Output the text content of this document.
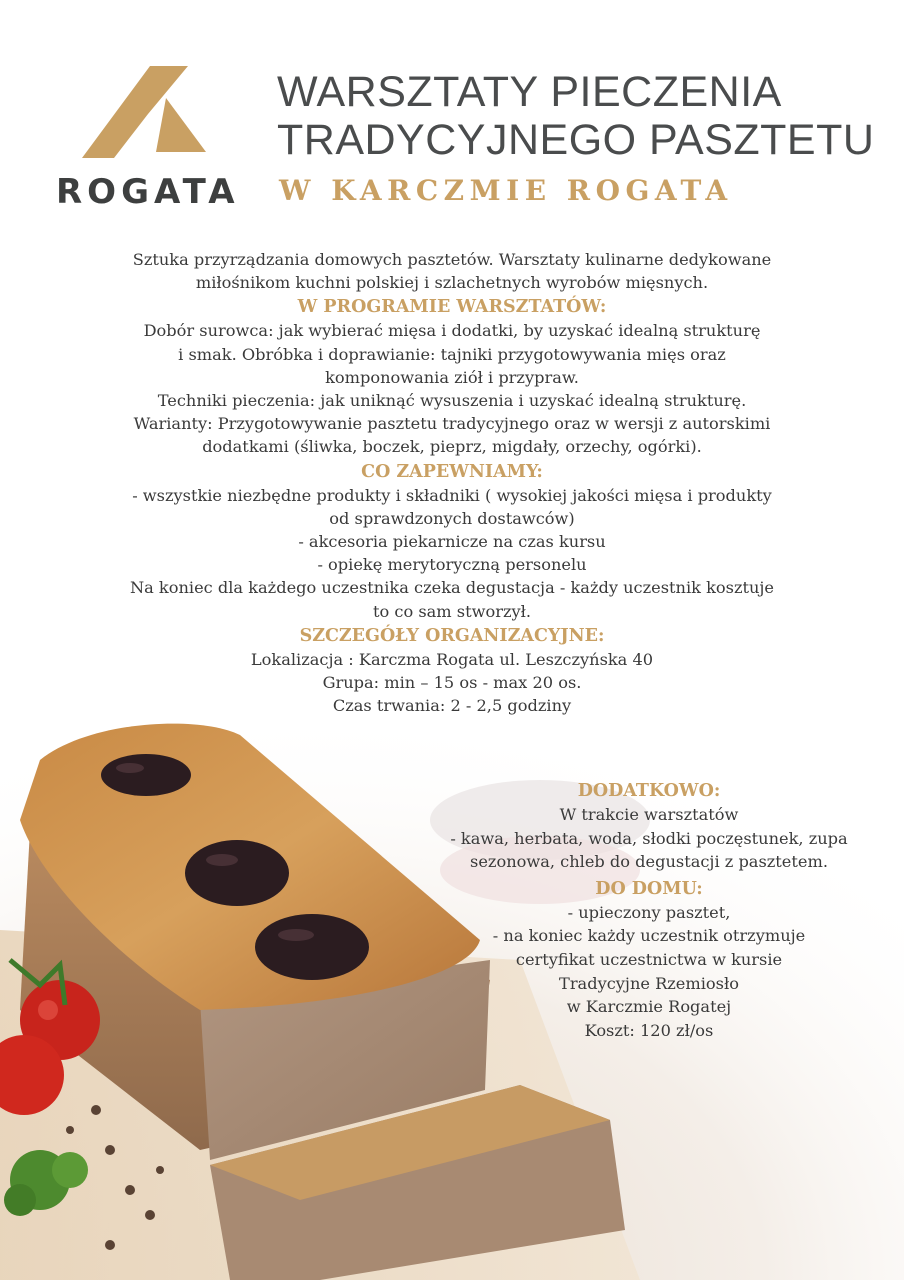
ROGATA
WARSZTATY PIECZENIA
TRADYCYJNEGO PASZTETU
W KARCZMIE ROGATA
Sztuka przyrządzania domowych pasztetów. Warsztaty kulinarne dedykowane
miłośnikom kuchni polskiej i szlachetnych wyrobów mięsnych.
W PROGRAMIE WARSZTATÓW:
Dobór surowca: jak wybierać mięsa i dodatki, by uzyskać idealną strukturę
i smak. Obróbka i doprawianie: tajniki przygotowywania mięs oraz
komponowania ziół i przypraw.
Techniki pieczenia: jak uniknąć wysuszenia i uzyskać idealną strukturę.
Warianty: Przygotowywanie pasztetu tradycyjnego oraz w wersji z autorskimi
dodatkami (śliwka, boczek, pieprz, migdały, orzechy, ogórki).
CO ZAPEWNIAMY:
- wszystkie niezbędne produkty i składniki ( wysokiej jakości mięsa i produkty
od sprawdzonych dostawców)
- akcesoria piekarnicze na czas kursu
- opiekę merytoryczną personelu
Na koniec dla każdego uczestnika czeka degustacja - każdy uczestnik kosztuje
to co sam stworzył.
SZCZEGÓŁY ORGANIZACYJNE:
Lokalizacja : Karczma Rogata ul. Leszczyńska 40
Grupa: min – 15 os - max 20 os.
Czas trwania: 2 - 2,5 godziny
DODATKOWO:
W trakcie warsztatów
- kawa, herbata, woda, słodki poczęstunek, zupa
sezonowa, chleb do degustacji z pasztetem.
DO DOMU:
- upieczony pasztet,
- na koniec każdy uczestnik otrzymuje
certyfikat uczestnictwa w kursie
Tradycyjne Rzemiosło
w Karczmie Rogatej
Koszt: 120 zł/os
